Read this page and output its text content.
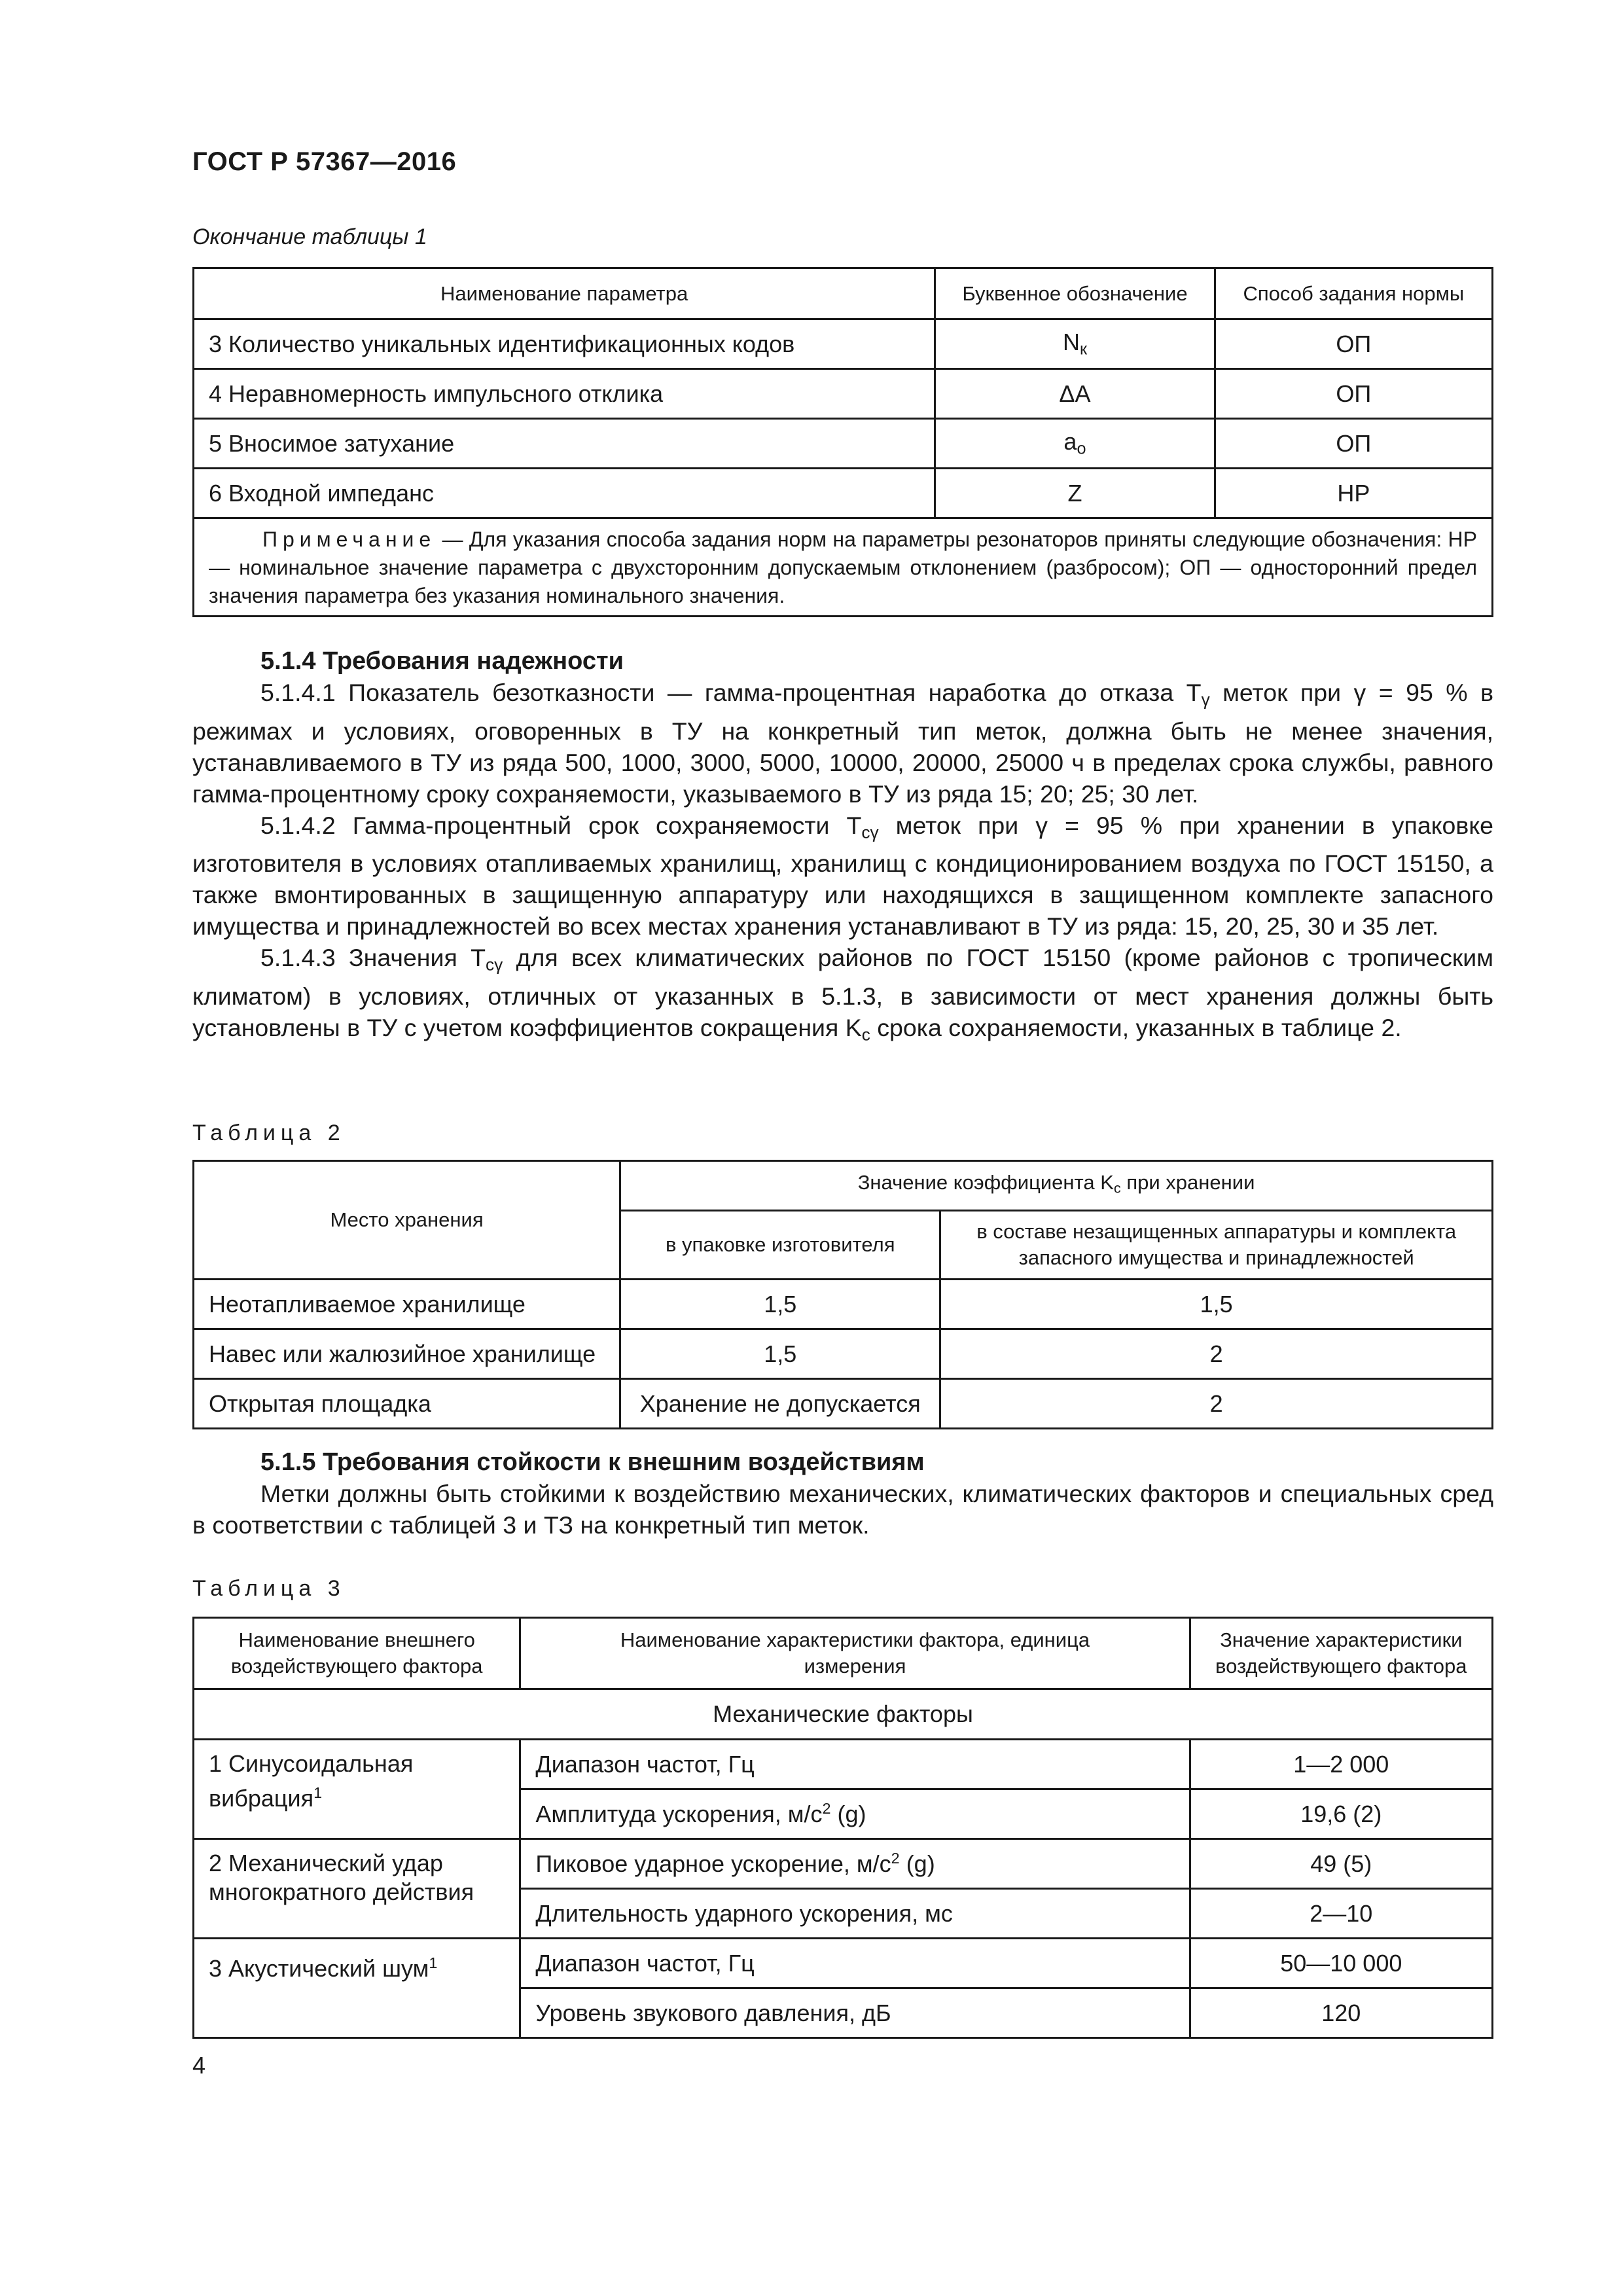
ГОСТ Р 57367—2016
Окончание таблицы 1
Наименование параметра	Буквенное обозначение	Способ задания нормы
3 Количество уникальных идентификационных кодов	$N_к$	ОП
4 Неравномерность импульсного отклика	ΔA	ОП
5 Вносимое затухание	$a_о$	ОП
6 Входной импеданс	Z	НР
Примечание — Для указания способа задания норм на параметры резонаторов приняты следующие обозначения: НР — номинальное значение параметра с двухсторонним допускаемым отклонением (разбросом); ОП — односторонний предел значения параметра без указания номинального значения.		
5.1.4 Требования надежности

5.1.4.1 Показатель безотказности — гамма-процентная наработка до отказа $T_\gamma$ меток при γ = 95 % в режимах и условиях, оговоренных в ТУ на конкретный тип меток, должна быть не менее значения, устанавливаемого в ТУ из ряда 500, 1000, 3000, 5000, 10000, 20000, 25000 ч в пределах срока службы, равного гамма-процентному сроку сохраняемости, указываемого в ТУ из ряда 15; 20; 25; 30 лет.

5.1.4.2 Гамма-процентный срок сохраняемости $T_{с\gamma}$ меток при γ = 95 % при хранении в упаковке изготовителя в условиях отапливаемых хранилищ, хранилищ с кондиционированием воздуха по ГОСТ 15150, а также вмонтированных в защищенную аппаратуру или находящихся в защищенном комплекте запасного имущества и принадлежностей во всех местах хранения устанавливают в ТУ из ряда: 15, 20, 25, 30 и 35 лет.

5.1.4.3 Значения $T_{с\gamma}$ для всех климатических районов по ГОСТ 15150 (кроме районов с тропическим климатом) в условиях, отличных от указанных в 5.1.3, в зависимости от мест хранения должны быть установлены в ТУ с учетом коэффициентов сокращения $K_c$ срока сохраняемости, указанных в таблице 2.

Таблица 2
Место хранения	Значение коэффициента $K_с$ при хранении	
	в упаковке изготовителя	в составе незащищенных аппаратуры и комплекта запасного имущества и принадлежностей
Неотапливаемое хранилище	1,5	1,5
Навес или жалюзийное хранилище	1,5	2
Открытая площадка	Хранение не допускается	2
5.1.5 Требования стойкости к внешним воздействиям

Метки должны быть стойкими к воздействию механических, климатических факторов и специальных сред в соответствии с таблицей 3 и ТЗ на конкретный тип меток.

Таблица 3
Наименование внешнего воздействующего фактора	Наименование характеристики фактора, единица измерения	Значение характеристики воздействующего фактора
Механические факторы		
1 Синусоидальная вибрация$^1$	Диапазон частот, Гц	1—2 000
	Амплитуда ускорения, $м/с^2$ (g)	19,6 (2)
2 Механический удар многократного действия	Пиковое ударное ускорение, $м/с^2$ (g)	49 (5)
	Длительность ударного ускорения, мс	2—10
3 Акустический шум$^1$	Диапазон частот, Гц	50—10 000
	Уровень звукового давления, дБ	120
4
